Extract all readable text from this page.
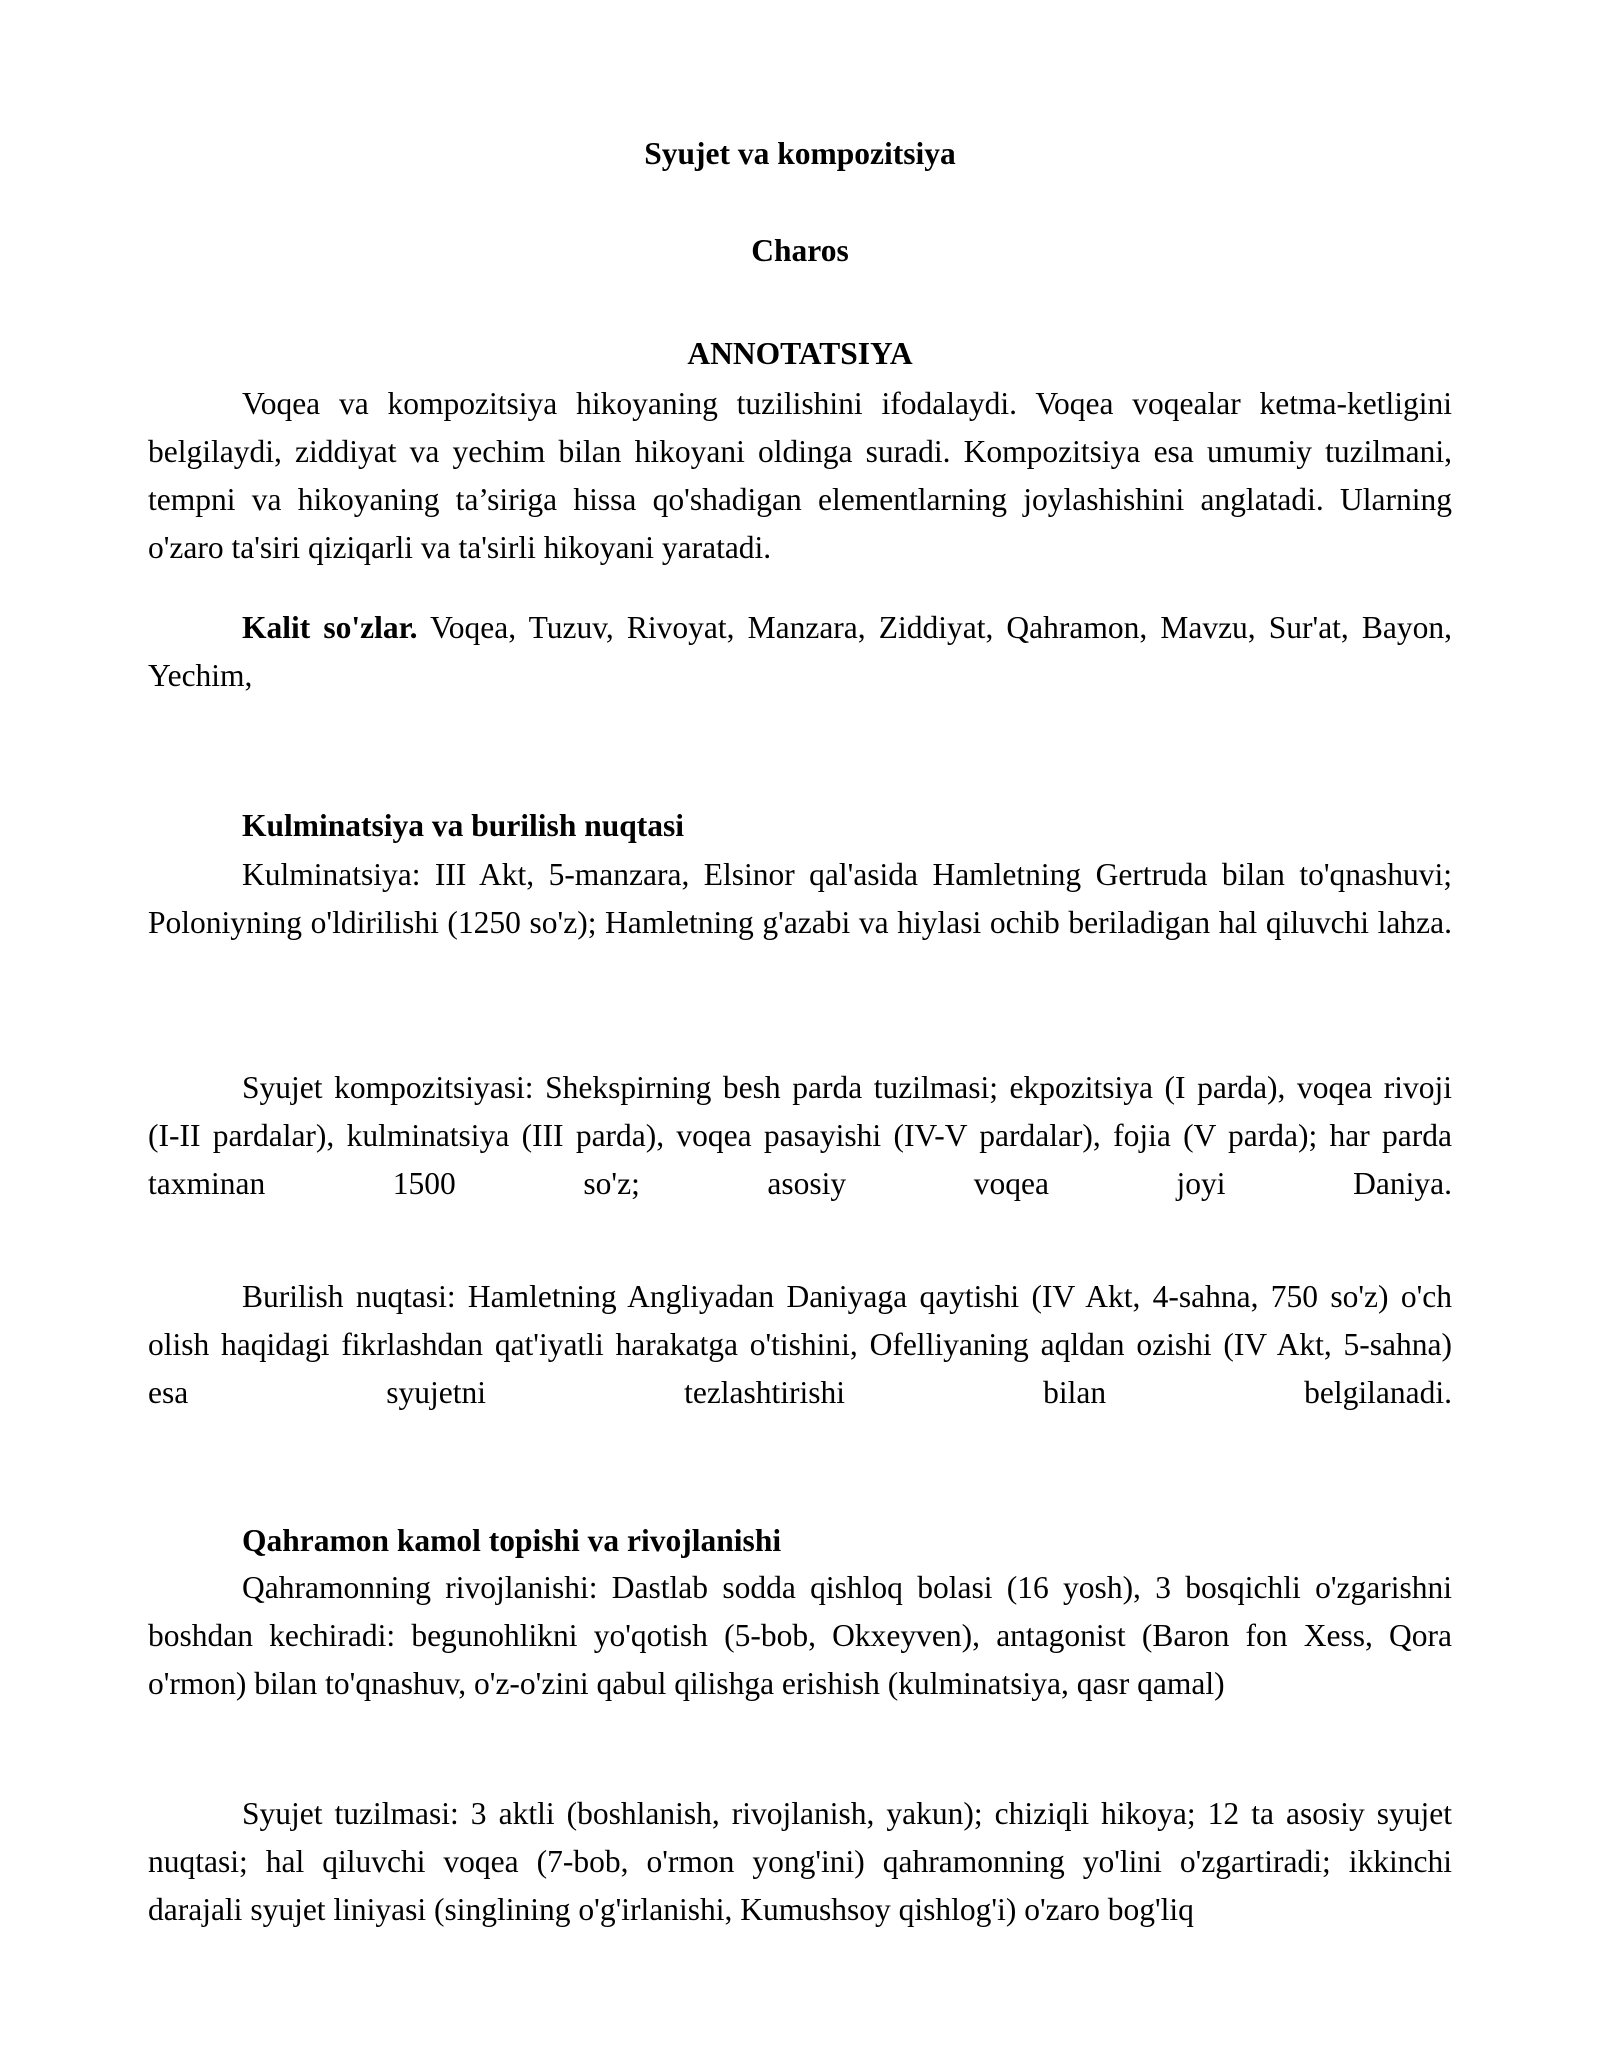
Syujet va kompozitsiya
Charos
ANNOTATSIYA

Voqea va kompozitsiya hikoyaning tuzilishini ifodalaydi. Voqea voqealar ketma-ketligini belgilaydi, ziddiyat va yechim bilan hikoyani oldinga suradi. Kompozitsiya esa umumiy tuzilmani, tempni va hikoyaning ta’siriga hissa qo'shadigan elementlarning joylashishini anglatadi. Ularning o'zaro ta'siri qiziqarli va ta'sirli hikoyani yaratadi.

Kalit so'zlar. Voqea, Tuzuv, Rivoyat, Manzara, Ziddiyat, Qahramon, Mavzu, Sur'at, Bayon, Yechim,

Kulminatsiya va burilish nuqtasi

Kulminatsiya: III Akt, 5-manzara, Elsinor qal'asida Hamletning Gertruda bilan to'qnashuvi; Poloniyning o'ldirilishi (1250 so'z); Hamletning g'azabi va hiylasi ochib beriladigan hal qiluvchi lahza.

Syujet kompozitsiyasi: Shekspirning besh parda tuzilmasi; ekpozitsiya (I parda), voqea rivoji (I-II pardalar), kulminatsiya (III parda), voqea pasayishi (IV-V pardalar), fojia (V parda); har parda taxminan 1500 so'z; asosiy voqea joyi Daniya.

Burilish nuqtasi: Hamletning Angliyadan Daniyaga qaytishi (IV Akt, 4-sahna, 750 so'z) o'ch olish haqidagi fikrlashdan qat'iyatli harakatga o'tishini, Ofelliyaning aqldan ozishi (IV Akt, 5-sahna) esa syujetni tezlashtirishi bilan belgilanadi.

Qahramon kamol topishi va rivojlanishi

Qahramonning rivojlanishi: Dastlab sodda qishloq bolasi (16 yosh), 3 bosqichli o'zgarishni boshdan kechiradi: begunohlikni yo'qotish (5-bob, Okxeyven), antagonist (Baron fon Xess, Qora o'rmon) bilan to'qnashuv, o'z-o'zini qabul qilishga erishish (kulminatsiya, qasr qamal)

Syujet tuzilmasi: 3 aktli (boshlanish, rivojlanish, yakun); chiziqli hikoya; 12 ta asosiy syujet nuqtasi; hal qiluvchi voqea (7-bob, o'rmon yong'ini) qahramonning yo'lini o'zgartiradi; ikkinchi darajali syujet liniyasi (singlining o'g'irlanishi, Kumushsoy qishlog'i) o'zaro bog'liq
